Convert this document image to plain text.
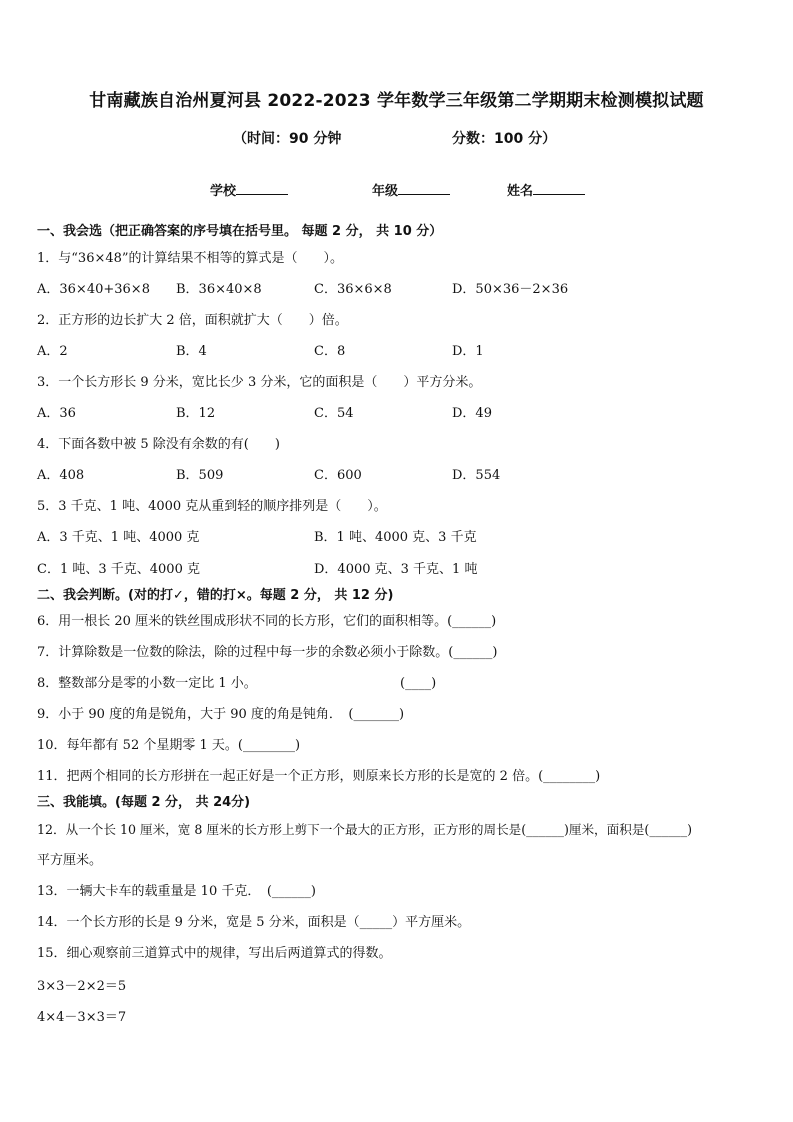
甘南藏族自治州夏河县 2022-2023 学年数学三年级第二学期期末检测模拟试题
（时间：90 分钟	分数：100 分）
学校	年级	姓名
一、我会选（把正确答案的序号填在括号里。 每题 2 分， 共 10 分）
1．与“36×48”的计算结果不相等的算式是（　　）。
A．36×40+36×8 B．36×40×8	C．36×6×8	D．50×36－2×36
2．正方形的边长扩大 2 倍，面积就扩大（　　）倍。
A．2	B．4	C．8	D．1
3．一个长方形长 9 分米，宽比长少 3 分米，它的面积是（　　）平方分米。
A．36	B．12	C．54	D．49
4．下面各数中被 5 除没有余数的有(　　)
A．408	B．509	C．600	D．554
5．3 千克、1 吨、4000 克从重到轻的顺序排列是（　　）。
A．3 千克、1 吨、4000 克	B．1 吨、4000 克、3 千克
C．1 吨、3 千克、4000 克	D．4000 克、3 千克、1 吨
二、我会判断。(对的打✓，错的打×。每题 2 分， 共 12 分)
6．用一根长 20 厘米的铁丝围成形状不同的长方形，它们的面积相等。(______)
7．计算除数是一位数的除法，除的过程中每一步的余数必须小于除数。(______)
8．整数部分是零的小数一定比 1 小。	(____)
9．小于 90 度的角是锐角，大于 90 度的角是钝角．　(_______)
10．每年都有 52 个星期零 1 天。(________)
11．把两个相同的长方形拼在一起正好是一个正方形，则原来长方形的长是宽的 2 倍。(________)
三、我能填。(每题 2 分， 共 24分)
12．从一个长 10 厘米，宽 8 厘米的长方形上剪下一个最大的正方形，正方形的周长是(______)厘米，面积是(______)
平方厘米。
13．一辆大卡车的载重量是 10 千克．　(______)
14．一个长方形的长是 9 分米，宽是 5 分米，面积是（_____）平方厘米。
15．细心观察前三道算式中的规律，写出后两道算式的得数。
3×3－2×2＝5
4×4－3×3＝7
